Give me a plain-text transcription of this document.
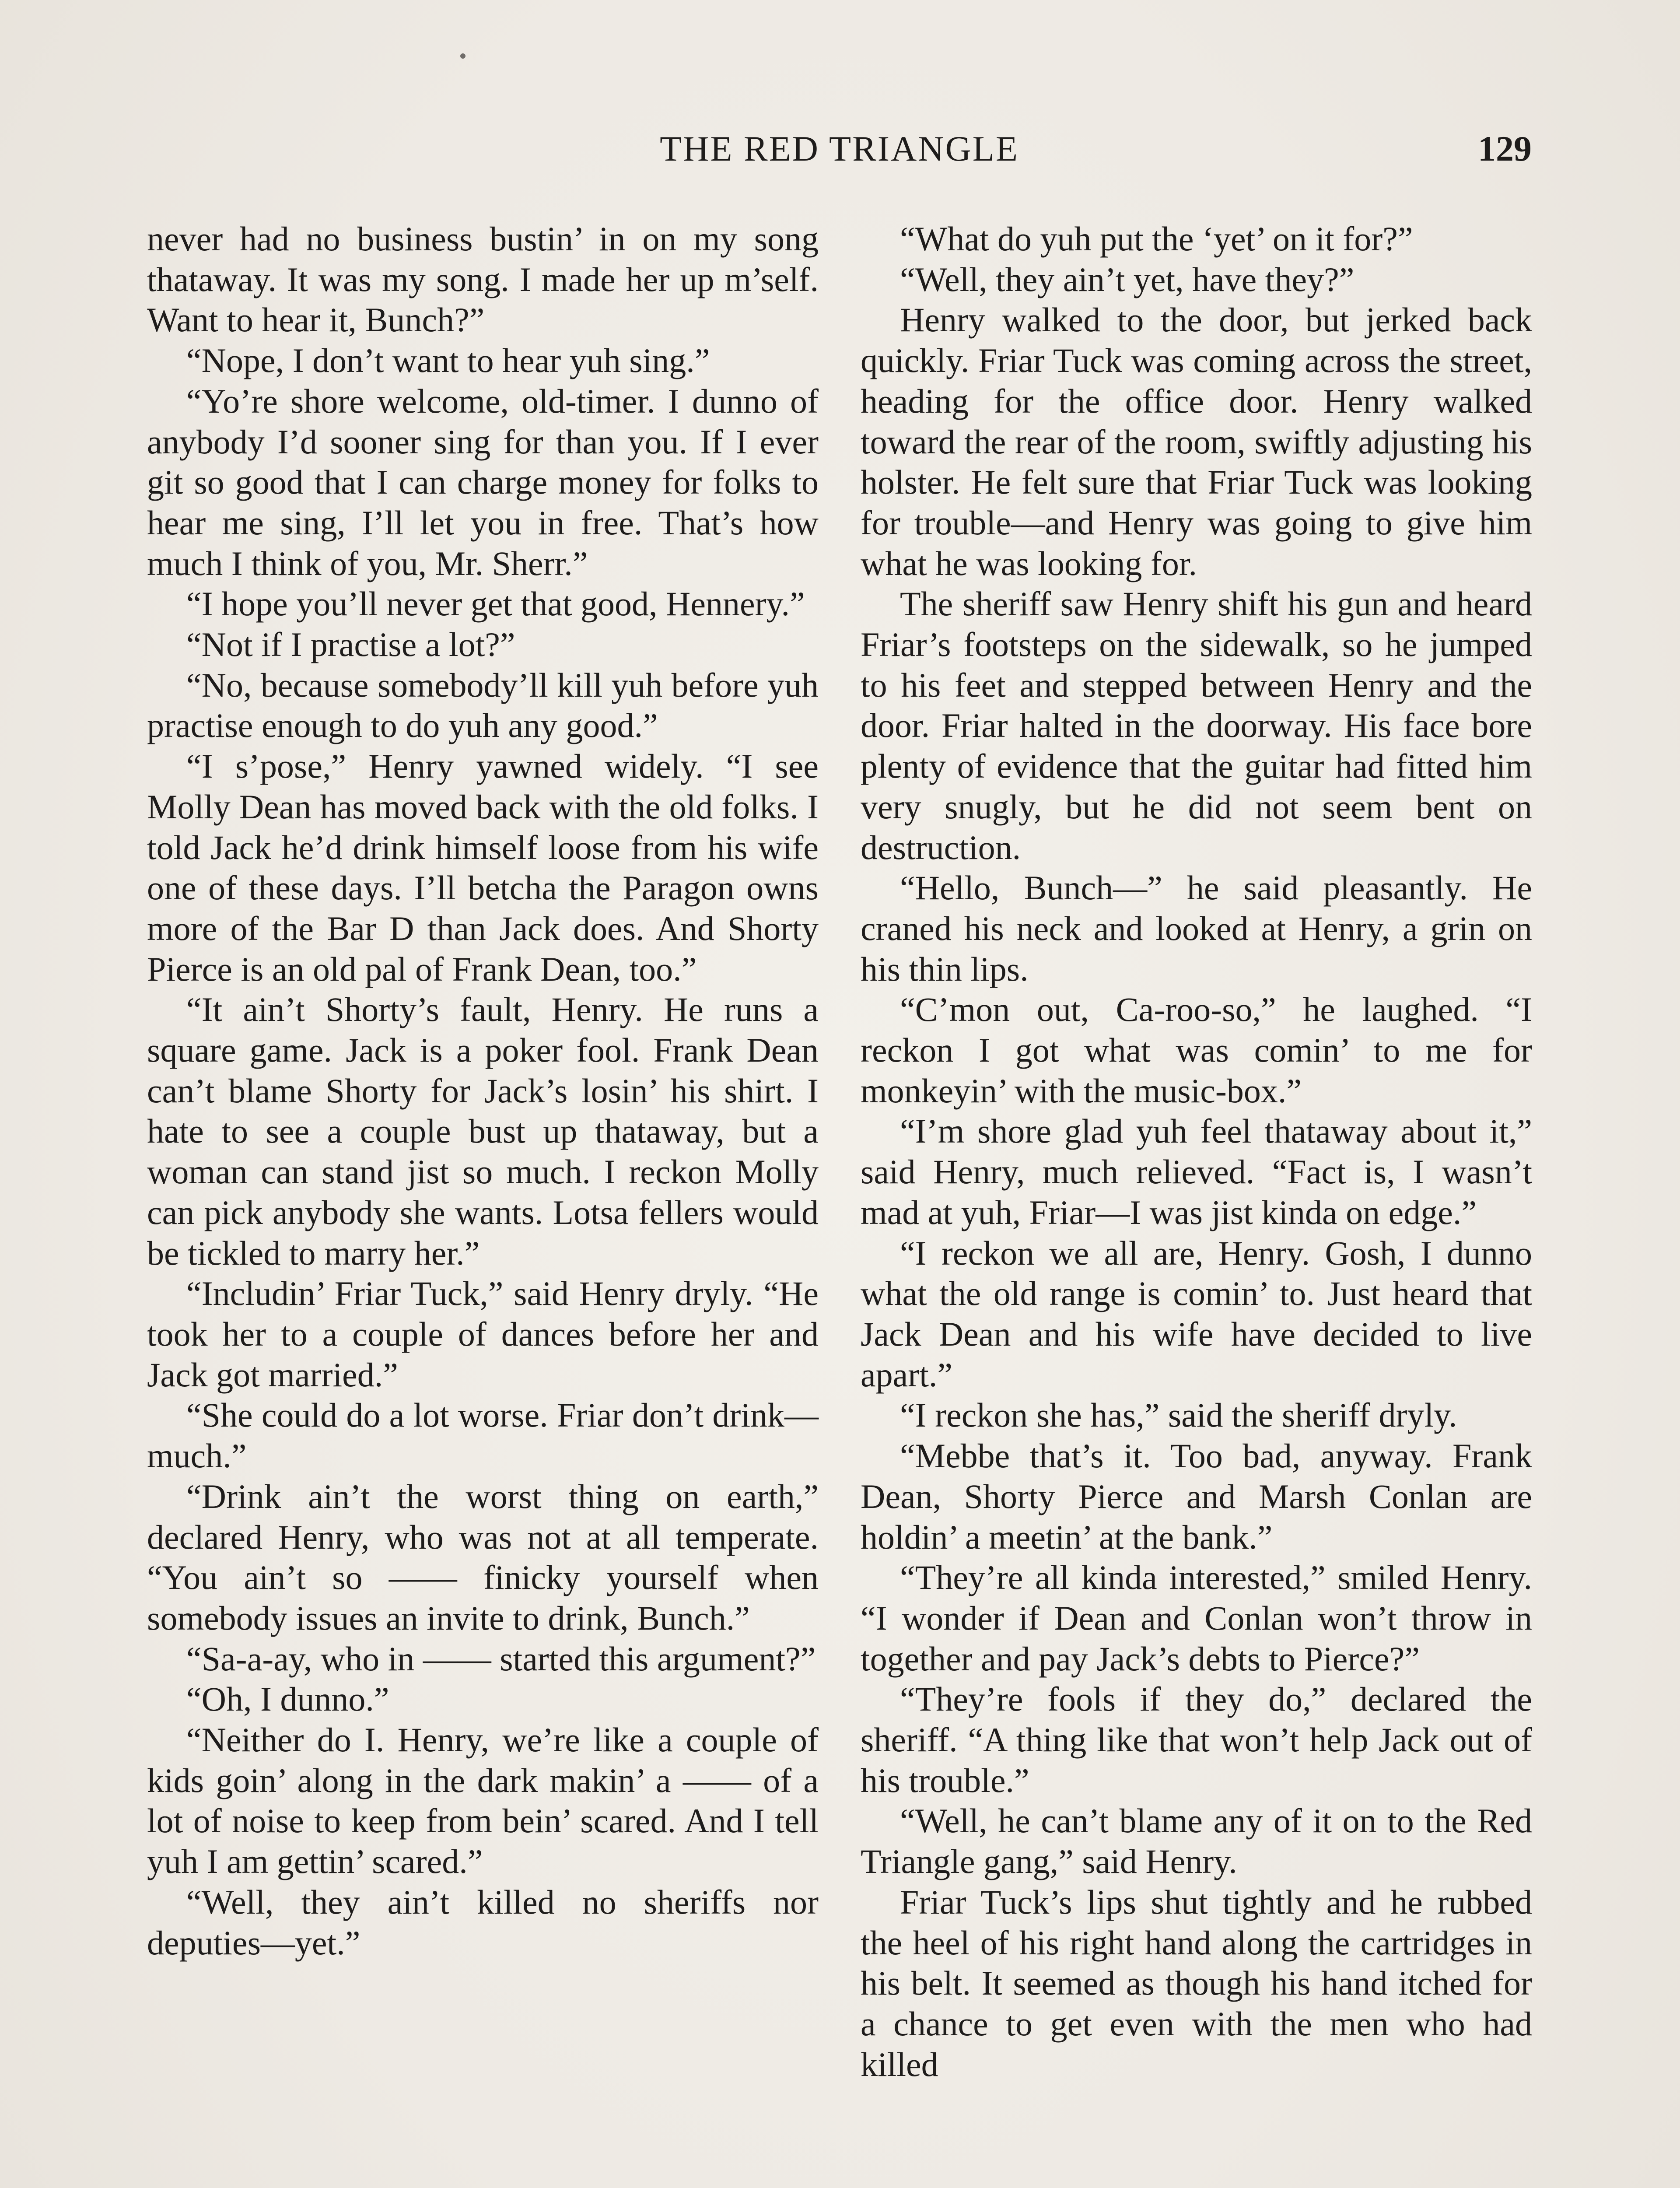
THE RED TRIANGLE	129

never had no business bustin’ in on my song thataway. It was my song. I made her up m’self. Want to hear it, Bunch?”

“Nope, I don’t want to hear yuh sing.”

“Yo’re shore welcome, old-timer. I dunno of anybody I’d sooner sing for than you. If I ever git so good that I can charge money for folks to hear me sing, I’ll let you in free. That’s how much I think of you, Mr. Sherr.”

“I hope you’ll never get that good, Hennery.”

“Not if I practise a lot?”

“No, because somebody’ll kill yuh before yuh practise enough to do yuh any good.”

“I s’pose,” Henry yawned widely. “I see Molly Dean has moved back with the old folks. I told Jack he’d drink himself loose from his wife one of these days. I’ll betcha the Paragon owns more of the Bar D than Jack does. And Shorty Pierce is an old pal of Frank Dean, too.”

“It ain’t Shorty’s fault, Henry. He runs a square game. Jack is a poker fool. Frank Dean can’t blame Shorty for Jack’s losin’ his shirt. I hate to see a couple bust up thataway, but a woman can stand jist so much. I reckon Molly can pick anybody she wants. Lotsa fellers would be tickled to marry her.”

“Includin’ Friar Tuck,” said Henry dryly. “He took her to a couple of dances before her and Jack got married.”

“She could do a lot worse. Friar don’t drink—much.”

“Drink ain’t the worst thing on earth,” declared Henry, who was not at all temperate. “You ain’t so —— finicky yourself when somebody issues an invite to drink, Bunch.”

“Sa-a-ay, who in —— started this argument?”

“Oh, I dunno.”

“Neither do I. Henry, we’re like a couple of kids goin’ along in the dark makin’ a —— of a lot of noise to keep from bein’ scared. And I tell yuh I am gettin’ scared.”

“Well, they ain’t killed no sheriffs nor deputies—yet.”

“What do yuh put the ‘yet’ on it for?”

“Well, they ain’t yet, have they?”

Henry walked to the door, but jerked back quickly. Friar Tuck was coming across the street, heading for the office door. Henry walked toward the rear of the room, swiftly adjusting his holster. He felt sure that Friar Tuck was looking for trouble—and Henry was going to give him what he was looking for.

The sheriff saw Henry shift his gun and heard Friar’s footsteps on the sidewalk, so he jumped to his feet and stepped between Henry and the door. Friar halted in the doorway. His face bore plenty of evidence that the guitar had fitted him very snugly, but he did not seem bent on destruction.

“Hello, Bunch—” he said pleasantly. He craned his neck and looked at Henry, a grin on his thin lips.

“C’mon out, Ca-roo-so,” he laughed. “I reckon I got what was comin’ to me for monkeyin’ with the music-box.”

“I’m shore glad yuh feel thataway about it,” said Henry, much relieved. “Fact is, I wasn’t mad at yuh, Friar—I was jist kinda on edge.”

“I reckon we all are, Henry. Gosh, I dunno what the old range is comin’ to. Just heard that Jack Dean and his wife have decided to live apart.”

“I reckon she has,” said the sheriff dryly.

“Mebbe that’s it. Too bad, anyway. Frank Dean, Shorty Pierce and Marsh Conlan are holdin’ a meetin’ at the bank.”

“They’re all kinda interested,” smiled Henry. “I wonder if Dean and Conlan won’t throw in together and pay Jack’s debts to Pierce?”

“They’re fools if they do,” declared the sheriff. “A thing like that won’t help Jack out of his trouble.”

“Well, he can’t blame any of it on to the Red Triangle gang,” said Henry.

Friar Tuck’s lips shut tightly and he rubbed the heel of his right hand along the cartridges in his belt. It seemed as though his hand itched for a chance to get even with the men who had killed
